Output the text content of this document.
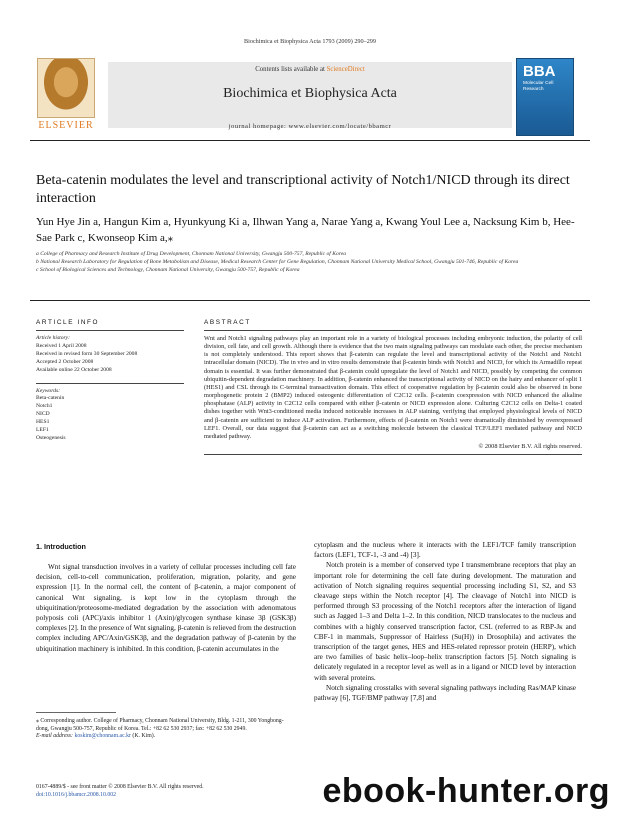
Biochimica et Biophysica Acta 1793 (2009) 290–299
ELSEVIER
Contents lists available at ScienceDirect
Biochimica et Biophysica Acta
journal homepage: www.elsevier.com/locate/bbamcr
BBA
Molecular Cell Research
Beta-catenin modulates the level and transcriptional activity of Notch1/NICD through its direct interaction
Yun Hye Jin a, Hangun Kim a, Hyunkyung Ki a, Ilhwan Yang a, Narae Yang a, Kwang Youl Lee a, Nacksung Kim b, Hee-Sae Park c, Kwonseop Kim a,⁎
a College of Pharmacy and Research Institute of Drug Development, Chonnam National University, Gwangju 500-757, Republic of Korea
b National Research Laboratory for Regulation of Bone Metabolism and Disease, Medical Research Center for Gene Regulation, Chonnam National University Medical School, Gwangju 501-746, Republic of Korea
c School of Biological Sciences and Technology, Chonnam National University, Gwangju 500-757, Republic of Korea
ARTICLE INFO
Article history:
Received 1 April 2008
Received in revised form 30 September 2008
Accepted 2 October 2008
Available online 22 October 2008
Keywords:
Beta-catenin
Notch1
NICD
HES1
LEF1
Osteogenesis
ABSTRACT
Wnt and Notch1 signaling pathways play an important role in a variety of biological processes including embryonic induction, the polarity of cell division, cell fate, and cell growth. Although there is evidence that the two main signaling pathways can modulate each other, the precise mechanism is not completely understood. This report shows that β-catenin can regulate the level and transcriptional activity of the Notch1 and Notch1 intracellular domain (NICD). The in vivo and in vitro results demonstrate that β-catenin binds with Notch1 and NICD, for which its Armadillo repeat domain is essential. It was further demonstrated that β-catenin could upregulate the level of Notch1 and NICD, possibly by competing the common ubiquitin-dependent degradation machinery. In addition, β-catenin enhanced the transcriptional activity of NICD on the hairy and enhancer of split 1 (HES1) and CSL through its C-terminal transactivation domain. This effect of cooperative regulation by β-catenin could also be observed in bone morphogenetic protein 2 (BMP2) induced osteogenic differentiation of C2C12 cells. β-catenin coexpression with NICD enhanced the alkaline phosphatase (ALP) activity in C2C12 cells compared with either β-catenin or NICD expression alone. Culturing C2C12 cells on Delta-1 coated dishes together with Wnt3-conditioned media induced noticeable increases in ALP staining, verifying that employed physiological levels of NICD and β-catenin are sufficient to induce ALP activation. Furthermore, effects of β-catenin on Notch1 were dramatically diminished by overexpressed LEF1. Overall, our data suggest that β-catenin can act as a switching molecule between the classical TCF/LEF1 mediated pathway and NICD mediated pathway.
© 2008 Elsevier B.V. All rights reserved.
1. Introduction

Wnt signal transduction involves in a variety of cellular processes including cell fate decision, cell-to-cell communication, proliferation, migration, polarity, and gene expression [1]. In the normal cell, the content of β-catenin, a major component of canonical Wnt signaling, is kept low in the cytoplasm through the ubiquitination/proteosome-mediated degradation by the association with adenomatous polyposis coli (APC)/axis inhibitor 1 (Axin)/glycogen synthase kinase 3β (GSK3β) complexes [2]. In the presence of Wnt signaling, β-catenin is relieved from the destruction complex including APC/Axin/GSK3β, and the degradation pathway of β-catenin by the ubiquitination machinery is inhibited. In this condition, β-catenin accumulates in the

cytoplasm and the nucleus where it interacts with the LEF1/TCF family transcription factors (LEF1, TCF-1, -3 and -4) [3].

Notch protein is a member of conserved type I transmembrane receptors that play an important role for determining the cell fate during development. The maturation and activation of Notch signaling requires sequential processing including S1, S2, and S3 cleavage steps within the Notch receptor [4]. The cleavage of Notch1 into NICD is performed through S3 processing of the Notch1 receptors after the interaction of ligand such as Jagged 1–3 and Delta 1–2. In this condition, NICD translocates to the nucleus and combines with a highly conserved transcription factor, CSL (referred to as RBP-Jκ and CBF-1 in mammals, Suppressor of Hairless (Su(H)) in Drosophila) and activates the transcription of the target genes, HES and HES-related repressor protein (HERP), which are two families of basic helix–loop–helix transcription factors [5]. Notch signaling is delicately regulated in a receptor level as well as in a ligand or NICD level by interaction with several proteins.

Notch signaling crosstalks with several signaling pathways including Ras/MAP kinase pathway [6], TGF/BMP pathway [7,8] and

⁎ Corresponding author. College of Pharmacy, Chonnam National University, Bldg. 1-211, 300 Yongbong-dong, Gwangju 500-757, Republic of Korea. Tel.: +82 62 530 2937; fax: +82 62 530 2949.
E-mail address: koskim@chonnam.ac.kr (K. Kim).
0167-4889/$ - see front matter © 2008 Elsevier B.V. All rights reserved.
doi:10.1016/j.bbamcr.2008.10.002	ebook-hunter.org
